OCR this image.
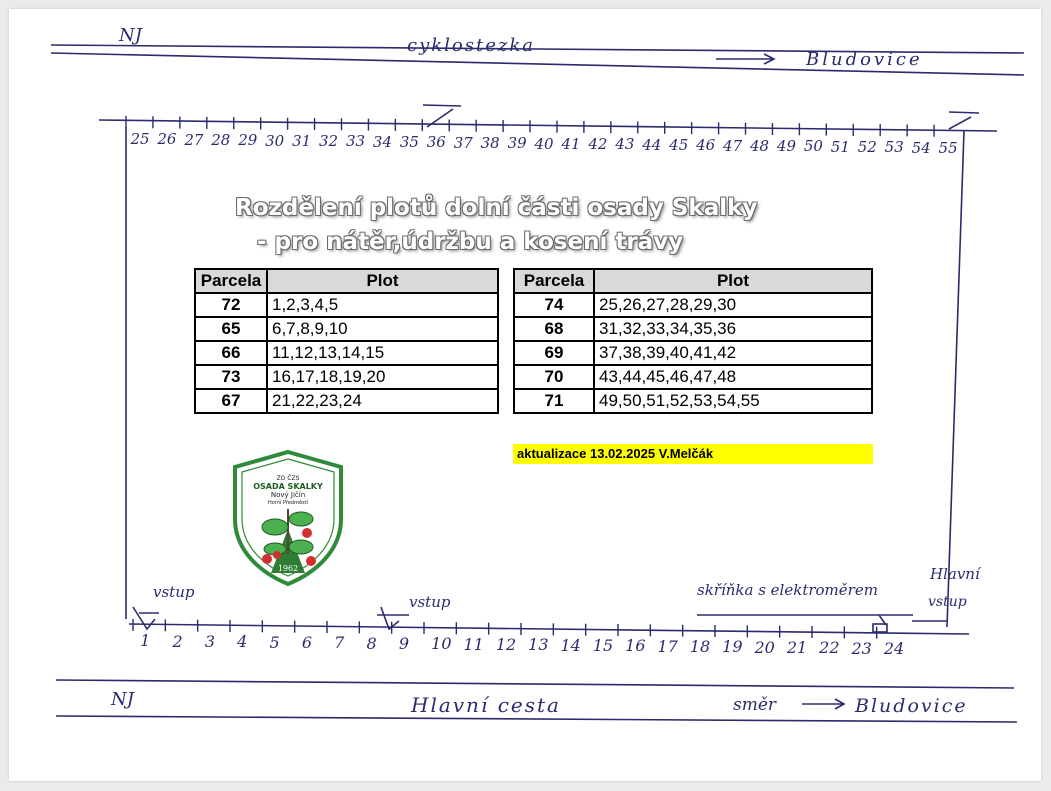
NJ	cyklostezka
Bludovice
25 26 27 28 29 30 31 32 33 34 35 36 37 38 39 40 41 42 43 44 45 46 47 48 49 50 51 52 53 54 55
1 2 3 4 5 6 7 8 9 10 11 12 13 14 15 16 17 18 19 20 21 22 23 24
vstup
vstup	vstup
Hlavní
skříňka s elektroměrem
NJ	Hlavní cesta	směr	Bludovice
Rozdělení plotů dolní části osady Skalky
- pro nátěr,údržbu a kosení trávy
Parcela	Plot
72	1,2,3,4,5
65	6,7,8,9,10
66	11,12,13,14,15
73	16,17,18,19,20
67	21,22,23,24
Parcela	Plot
74	25,26,27,28,29,30
68	31,32,33,34,35,36
69	37,38,39,40,41,42
70	43,44,45,46,47,48
71	49,50,51,52,53,54,55
aktualizace 13.02.2025 V.Melčák
ZO ČZS
OSADA SKALKY
Nový Jičín
Horní Předměstí
1962
